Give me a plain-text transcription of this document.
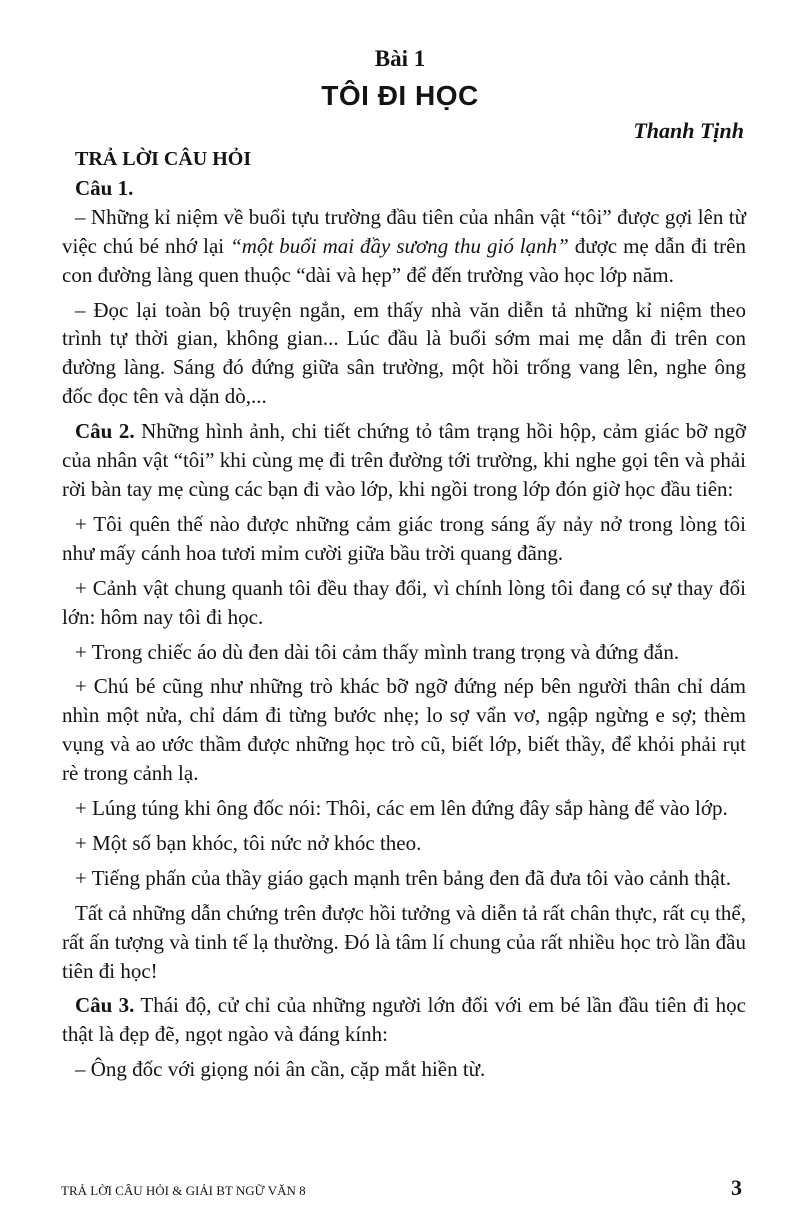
Bài 1
TÔI ĐI HỌC
Thanh Tịnh

TRẢ LỜI CÂU HỎI

Câu 1.

– Những kỉ niệm về buổi tựu trường đầu tiên của nhân vật “tôi” được gợi lên từ việc chú bé nhớ lại “một buổi mai đầy sương thu gió lạnh” được mẹ dẫn đi trên con đường làng quen thuộc “dài và hẹp” để đến trường vào học lớp năm.

– Đọc lại toàn bộ truyện ngắn, em thấy nhà văn diễn tả những kỉ niệm theo trình tự thời gian, không gian... Lúc đầu là buổi sớm mai mẹ dẫn đi trên con đường làng. Sáng đó đứng giữa sân trường, một hồi trống vang lên, nghe ông đốc đọc tên và dặn dò,...

Câu 2. Những hình ảnh, chi tiết chứng tỏ tâm trạng hồi hộp, cảm giác bỡ ngỡ của nhân vật “tôi” khi cùng mẹ đi trên đường tới trường, khi nghe gọi tên và phải rời bàn tay mẹ cùng các bạn đi vào lớp, khi ngồi trong lớp đón giờ học đầu tiên:

+ Tôi quên thế nào được những cảm giác trong sáng ấy nảy nở trong lòng tôi như mấy cánh hoa tươi mỉm cười giữa bầu trời quang đãng.

+ Cảnh vật chung quanh tôi đều thay đổi, vì chính lòng tôi đang có sự thay đổi lớn: hôm nay tôi đi học.

+ Trong chiếc áo dù đen dài tôi cảm thấy mình trang trọng và đứng đắn.

+ Chú bé cũng như những trò khác bỡ ngỡ đứng nép bên người thân chỉ dám nhìn một nửa, chỉ dám đi từng bước nhẹ; lo sợ vẩn vơ, ngập ngừng e sợ; thèm vụng và ao ước thầm được những học trò cũ, biết lớp, biết thầy, để khỏi phải rụt rè trong cảnh lạ.

+ Lúng túng khi ông đốc nói: Thôi, các em lên đứng đây sắp hàng để vào lớp.

+ Một số bạn khóc, tôi nức nở khóc theo.

+ Tiếng phấn của thầy giáo gạch mạnh trên bảng đen đã đưa tôi vào cảnh thật.

Tất cả những dẫn chứng trên được hồi tưởng và diễn tả rất chân thực, rất cụ thể, rất ấn tượng và tinh tế lạ thường. Đó là tâm lí chung của rất nhiều học trò lần đầu tiên đi học!

Câu 3. Thái độ, cử chỉ của những người lớn đối với em bé lần đầu tiên đi học thật là đẹp đẽ, ngọt ngào và đáng kính:

– Ông đốc với giọng nói ân cần, cặp mắt hiền từ.

TRẢ LỜI CÂU HỎI & GIẢI BT NGỮ VĂN 8	3
